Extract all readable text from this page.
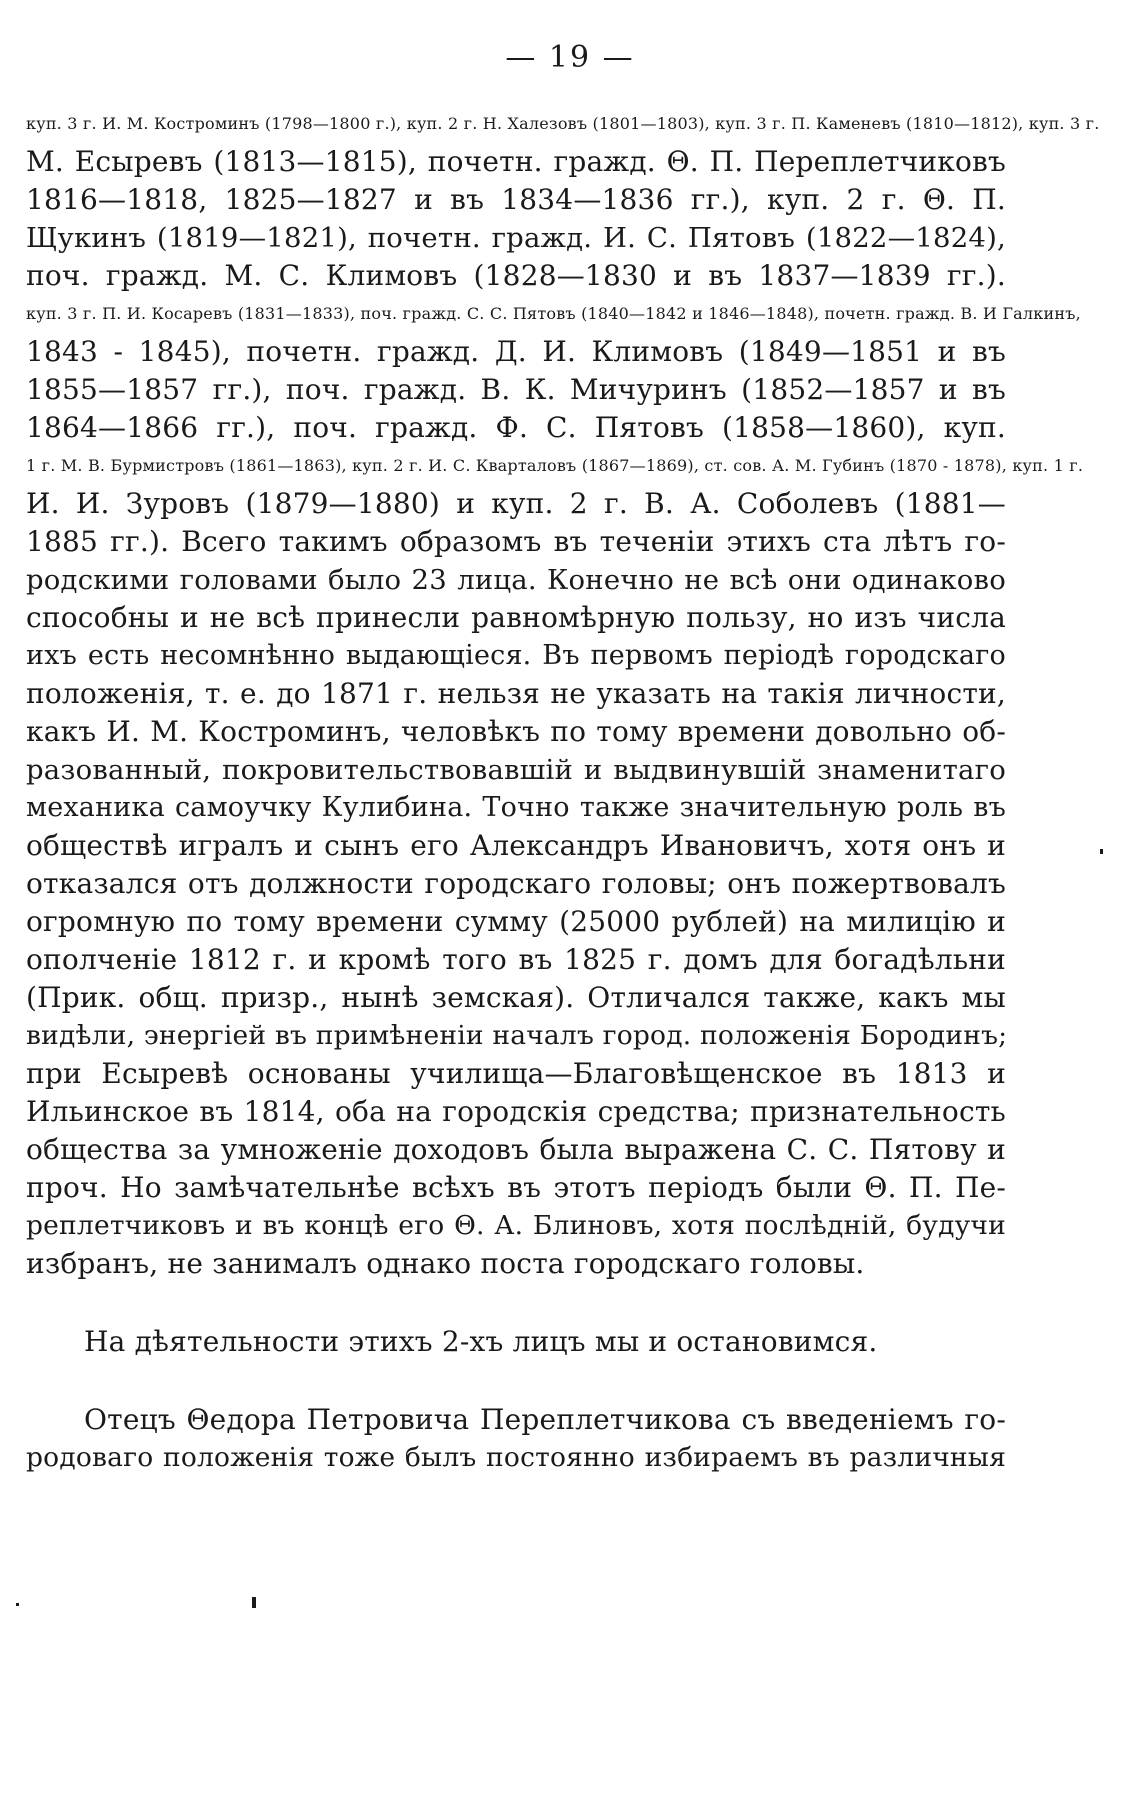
— 19 —
куп. 3 г. И. М. Костроминъ (1798—1800 г.), куп. 2 г. Н. Халезовъ (1801—1803), куп. 3 г. П. Каменевъ (1810—1812), куп. 3 г.
М. Есыревъ (1813—1815), почетн. гражд. Θ. П. Переплетчиковъ
1816—1818, 1825—1827 и въ 1834—1836 гг.), куп. 2 г. Θ. П.
Щукинъ (1819—1821), почетн. гражд. И. С. Пятовъ (1822—1824),
поч. гражд. М. С. Климовъ (1828—1830 и въ 1837—1839 гг.).
куп. 3 г. П. И. Косаревъ (1831—1833), поч. гражд. С. С. Пятовъ (1840—1842 и 1846—1848), почетн. гражд. В. И Галкинъ,
1843 - 1845), почетн. гражд. Д. И. Климовъ (1849—1851 и въ
1855—1857 гг.), поч. гражд. В. К. Мичуринъ (1852—1857 и въ
1864—1866 гг.), поч. гражд. Ф. С. Пятовъ (1858—1860), куп.
1 г. М. В. Бурмистровъ (1861—1863), куп. 2 г. И. С. Кварталовъ (1867—1869), ст. сов. А. М. Губинъ (1870 - 1878), куп. 1 г.
И. И. Зуровъ (1879—1880) и куп. 2 г. В. А. Соболевъ (1881—
1885 гг.). Всего такимъ образомъ въ теченіи этихъ ста лѣтъ го-
родскими головами было 23 лица. Конечно не всѣ они одинаково
способны и не всѣ принесли равномѣрную пользу, но изъ числа
ихъ есть несомнѣнно выдающіеся. Въ первомъ періодѣ городскаго
положенія, т. е. до 1871 г. нельзя не указать на такія личности,
какъ И. М. Костроминъ, человѣкъ по тому времени довольно об-
разованный, покровительствовавшій и выдвинувшій знаменитаго
механика самоучку Кулибина. Точно также значительную роль въ
обществѣ игралъ и сынъ его Александръ Ивановичъ, хотя онъ и
отказался отъ должности городскаго головы; онъ пожертвовалъ
огромную по тому времени сумму (25000 рублей) на милицію и
ополченіе 1812 г. и кромѣ того въ 1825 г. домъ для богадѣльни
(Прик. общ. призр., нынѣ земская). Отличался также, какъ мы
видѣли, энергіей въ примѣненіи началъ город. положенія Бородинъ;
при Есыревѣ основаны училища—Благовѣщенское въ 1813 и
Ильинское въ 1814, оба на городскія средства; признательность
общества за умноженіе доходовъ была выражена С. С. Пятову и
проч. Но замѣчательнѣе всѣхъ въ этотъ періодъ были Θ. П. Пе-
реплетчиковъ и въ концѣ его Θ. А. Блиновъ, хотя послѣдній, будучи
избранъ, не занималъ однако поста городскаго головы.
На дѣятельности этихъ 2-хъ лицъ мы и остановимся.
Отецъ Θедора Петровича Переплетчикова съ введеніемъ го-
родоваго положенія тоже былъ постоянно избираемъ въ различныя
